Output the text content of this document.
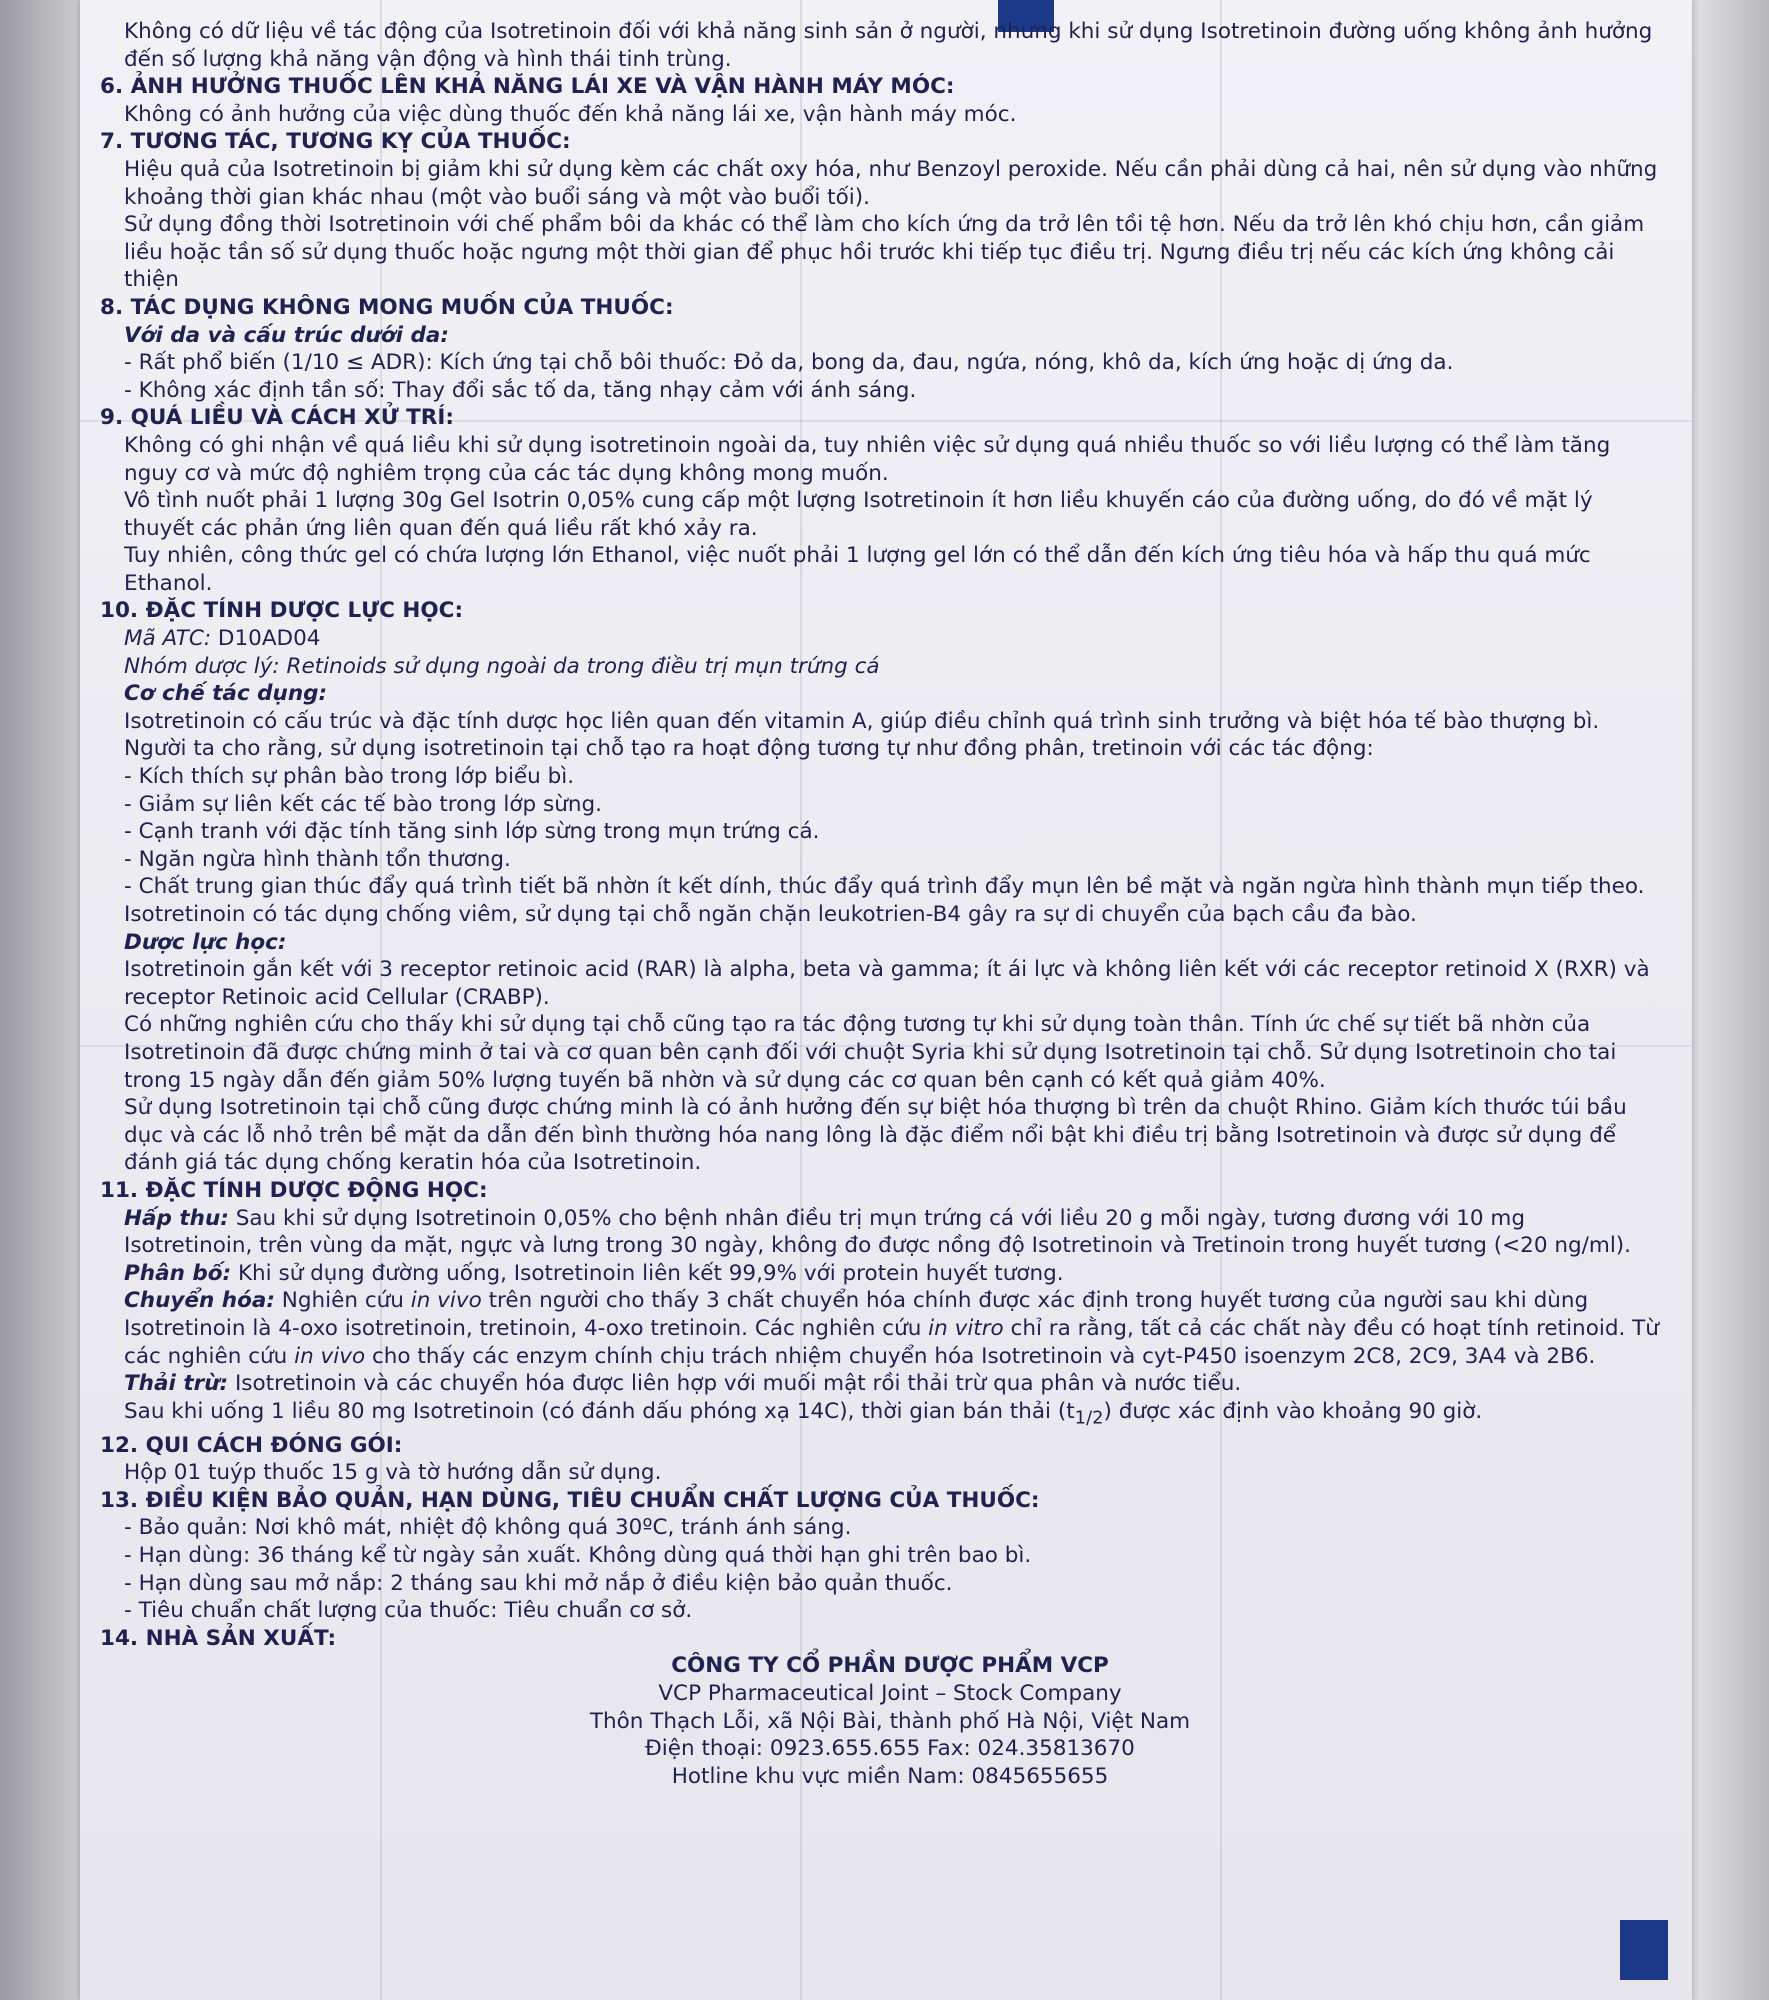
Không có dữ liệu về tác động của Isotretinoin đối với khả năng sinh sản ở người, nhưng khi sử dụng Isotretinoin đường uống không ảnh hưởng đến số lượng khả năng vận động và hình thái tinh trùng.

6. ẢNH HƯỞNG THUỐC LÊN KHẢ NĂNG LÁI XE VÀ VẬN HÀNH MÁY MÓC:

Không có ảnh hưởng của việc dùng thuốc đến khả năng lái xe, vận hành máy móc.

7. TƯƠNG TÁC, TƯƠNG KỴ CỦA THUỐC:

Hiệu quả của Isotretinoin bị giảm khi sử dụng kèm các chất oxy hóa, như Benzoyl peroxide. Nếu cần phải dùng cả hai, nên sử dụng vào những khoảng thời gian khác nhau (một vào buổi sáng và một vào buổi tối).

Sử dụng đồng thời Isotretinoin với chế phẩm bôi da khác có thể làm cho kích ứng da trở lên tồi tệ hơn. Nếu da trở lên khó chịu hơn, cần giảm liều hoặc tần số sử dụng thuốc hoặc ngưng một thời gian để phục hồi trước khi tiếp tục điều trị. Ngưng điều trị nếu các kích ứng không cải thiện

8. TÁC DỤNG KHÔNG MONG MUỐN CỦA THUỐC:

Với da và cấu trúc dưới da:

- Rất phổ biến (1/10 ≤ ADR): Kích ứng tại chỗ bôi thuốc: Đỏ da, bong da, đau, ngứa, nóng, khô da, kích ứng hoặc dị ứng da.

- Không xác định tần số: Thay đổi sắc tố da, tăng nhạy cảm với ánh sáng.

9. QUÁ LIỀU VÀ CÁCH XỬ TRÍ:

Không có ghi nhận về quá liều khi sử dụng isotretinoin ngoài da, tuy nhiên việc sử dụng quá nhiều thuốc so với liều lượng có thể làm tăng nguy cơ và mức độ nghiêm trọng của các tác dụng không mong muốn.

Vô tình nuốt phải 1 lượng 30g Gel Isotrin 0,05% cung cấp một lượng Isotretinoin ít hơn liều khuyến cáo của đường uống, do đó về mặt lý thuyết các phản ứng liên quan đến quá liều rất khó xảy ra.

Tuy nhiên, công thức gel có chứa lượng lớn Ethanol, việc nuốt phải 1 lượng gel lớn có thể dẫn đến kích ứng tiêu hóa và hấp thu quá mức Ethanol.

10. ĐẶC TÍNH DƯỢC LỰC HỌC:

Mã ATC: D10AD04

Nhóm dược lý: Retinoids sử dụng ngoài da trong điều trị mụn trứng cá

Cơ chế tác dụng:

Isotretinoin có cấu trúc và đặc tính dược học liên quan đến vitamin A, giúp điều chỉnh quá trình sinh trưởng và biệt hóa tế bào thượng bì. Người ta cho rằng, sử dụng isotretinoin tại chỗ tạo ra hoạt động tương tự như đồng phân, tretinoin với các tác động:

- Kích thích sự phân bào trong lớp biểu bì.

- Giảm sự liên kết các tế bào trong lớp sừng.

- Cạnh tranh với đặc tính tăng sinh lớp sừng trong mụn trứng cá.

- Ngăn ngừa hình thành tổn thương.

- Chất trung gian thúc đẩy quá trình tiết bã nhờn ít kết dính, thúc đẩy quá trình đẩy mụn lên bề mặt và ngăn ngừa hình thành mụn tiếp theo.

Isotretinoin có tác dụng chống viêm, sử dụng tại chỗ ngăn chặn leukotrien-B4 gây ra sự di chuyển của bạch cầu đa bào.

Dược lực học:

Isotretinoin gắn kết với 3 receptor retinoic acid (RAR) là alpha, beta và gamma; ít ái lực và không liên kết với các receptor retinoid X (RXR) và receptor Retinoic acid Cellular (CRABP).

Có những nghiên cứu cho thấy khi sử dụng tại chỗ cũng tạo ra tác động tương tự khi sử dụng toàn thân. Tính ức chế sự tiết bã nhờn của Isotretinoin đã được chứng minh ở tai và cơ quan bên cạnh đối với chuột Syria khi sử dụng Isotretinoin tại chỗ. Sử dụng Isotretinoin cho tai trong 15 ngày dẫn đến giảm 50% lượng tuyến bã nhờn và sử dụng các cơ quan bên cạnh có kết quả giảm 40%.

Sử dụng Isotretinoin tại chỗ cũng được chứng minh là có ảnh hưởng đến sự biệt hóa thượng bì trên da chuột Rhino. Giảm kích thước túi bầu dục và các lỗ nhỏ trên bề mặt da dẫn đến bình thường hóa nang lông là đặc điểm nổi bật khi điều trị bằng Isotretinoin và được sử dụng để đánh giá tác dụng chống keratin hóa của Isotretinoin.

11. ĐẶC TÍNH DƯỢC ĐỘNG HỌC:

Hấp thu: Sau khi sử dụng Isotretinoin 0,05% cho bệnh nhân điều trị mụn trứng cá với liều 20 g mỗi ngày, tương đương với 10 mg Isotretinoin, trên vùng da mặt, ngực và lưng trong 30 ngày, không đo được nồng độ Isotretinoin và Tretinoin trong huyết tương (<20 ng/ml).

Phân bố: Khi sử dụng đường uống, Isotretinoin liên kết 99,9% với protein huyết tương.

Chuyển hóa: Nghiên cứu in vivo trên người cho thấy 3 chất chuyển hóa chính được xác định trong huyết tương của người sau khi dùng Isotretinoin là 4-oxo isotretinoin, tretinoin, 4-oxo tretinoin. Các nghiên cứu in vitro chỉ ra rằng, tất cả các chất này đều có hoạt tính retinoid. Từ các nghiên cứu in vivo cho thấy các enzym chính chịu trách nhiệm chuyển hóa Isotretinoin và cyt-P450 isoenzym 2C8, 2C9, 3A4 và 2B6.

Thải trừ: Isotretinoin và các chuyển hóa được liên hợp với muối mật rồi thải trừ qua phân và nước tiểu.

Sau khi uống 1 liều 80 mg Isotretinoin (có đánh dấu phóng xạ 14C), thời gian bán thải $(t_{1/2})$ được xác định vào khoảng 90 giờ.

12. QUI CÁCH ĐÓNG GÓI:

Hộp 01 tuýp thuốc 15 g và tờ hướng dẫn sử dụng.

13. ĐIỀU KIỆN BẢO QUẢN, HẠN DÙNG, TIÊU CHUẨN CHẤT LƯỢNG CỦA THUỐC:

- Bảo quản: Nơi khô mát, nhiệt độ không quá 30ºC, tránh ánh sáng.

- Hạn dùng: 36 tháng kể từ ngày sản xuất. Không dùng quá thời hạn ghi trên bao bì.

- Hạn dùng sau mở nắp: 2 tháng sau khi mở nắp ở điều kiện bảo quản thuốc.

- Tiêu chuẩn chất lượng của thuốc: Tiêu chuẩn cơ sở.

14. NHÀ SẢN XUẤT:

CÔNG TY CỔ PHẦN DƯỢC PHẨM VCP

VCP Pharmaceutical Joint – Stock Company

Thôn Thạch Lỗi, xã Nội Bài, thành phố Hà Nội, Việt Nam

Điện thoại: 0923.655.655 Fax: 024.35813670

Hotline khu vực miền Nam: 0845655655
